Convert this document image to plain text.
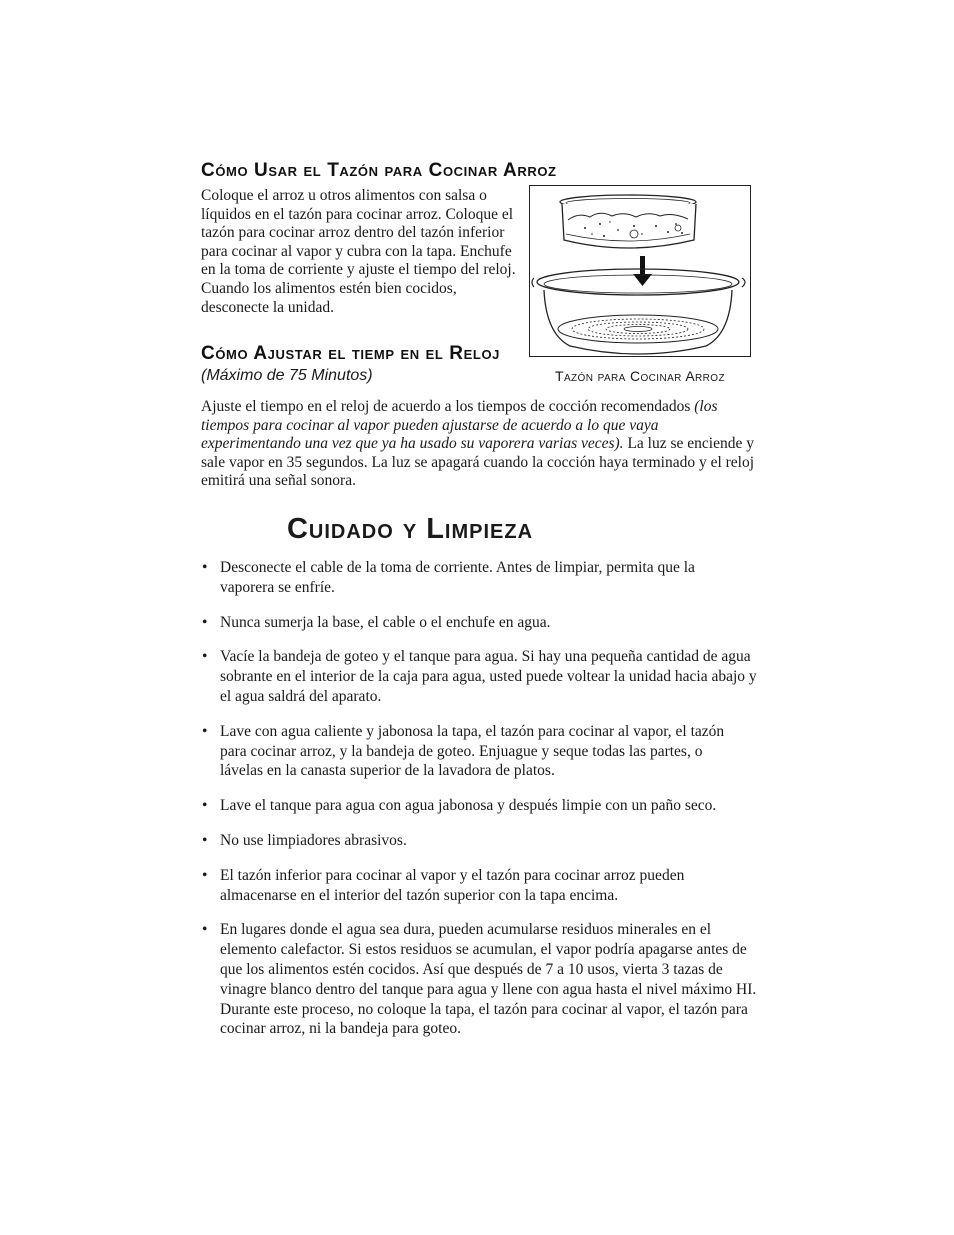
Cómo Usar el Tazón para Cocinar Arroz

Coloque el arroz u otros alimentos con salsa o líquidos en el tazón para cocinar arroz. Coloque el tazón para cocinar arroz dentro del tazón inferior para cocinar al vapor y cubra con la tapa. Enchufe en la toma de corriente y ajuste el tiempo del reloj. Cuando los alimentos estén bien cocidos, desconecte la unidad.

Tazón para Cocinar Arroz
Cómo Ajustar el tiemp en el Reloj
(Máximo de 75 Minutos)

Ajuste el tiempo en el reloj de acuerdo a los tiempos de cocción recomendados (los tiempos para cocinar al vapor pueden ajustarse de acuerdo a lo que vaya experimentando una vez que ya ha usado su vaporera varias veces). La luz se enciende y sale vapor en 35 segundos. La luz se apagará cuando la cocción haya terminado y el reloj emitirá una señal sonora.

Cuidado y Limpieza
• Desconecte el cable de la toma de corriente. Antes de limpiar, permita que la vaporera se enfríe.
• Nunca sumerja la base, el cable o el enchufe en agua.
• Vacíe la bandeja de goteo y el tanque para agua. Si hay una pequeña cantidad de agua sobrante en el interior de la caja para agua, usted puede voltear la unidad hacia abajo y el agua saldrá del aparato.
• Lave con agua caliente y jabonosa la tapa, el tazón para cocinar al vapor, el tazón para cocinar arroz, y la bandeja de goteo. Enjuague y seque todas las partes, o lávelas en la canasta superior de la lavadora de platos.
• Lave el tanque para agua con agua jabonosa y después limpie con un paño seco.
• No use limpiadores abrasivos.
• El tazón inferior para cocinar al vapor y el tazón para cocinar arroz pueden almacenarse en el interior del tazón superior con la tapa encima.
• En lugares donde el agua sea dura, pueden acumularse residuos minerales en el elemento calefactor. Si estos residuos se acumulan, el vapor podría apagarse antes de que los alimentos estén cocidos. Así que después de 7 a 10 usos, vierta 3 tazas de vinagre blanco dentro del tanque para agua y llene con agua hasta el nivel máximo HI. Durante este proceso, no coloque la tapa, el tazón para cocinar al vapor, el tazón para cocinar arroz, ni la bandeja para goteo.
